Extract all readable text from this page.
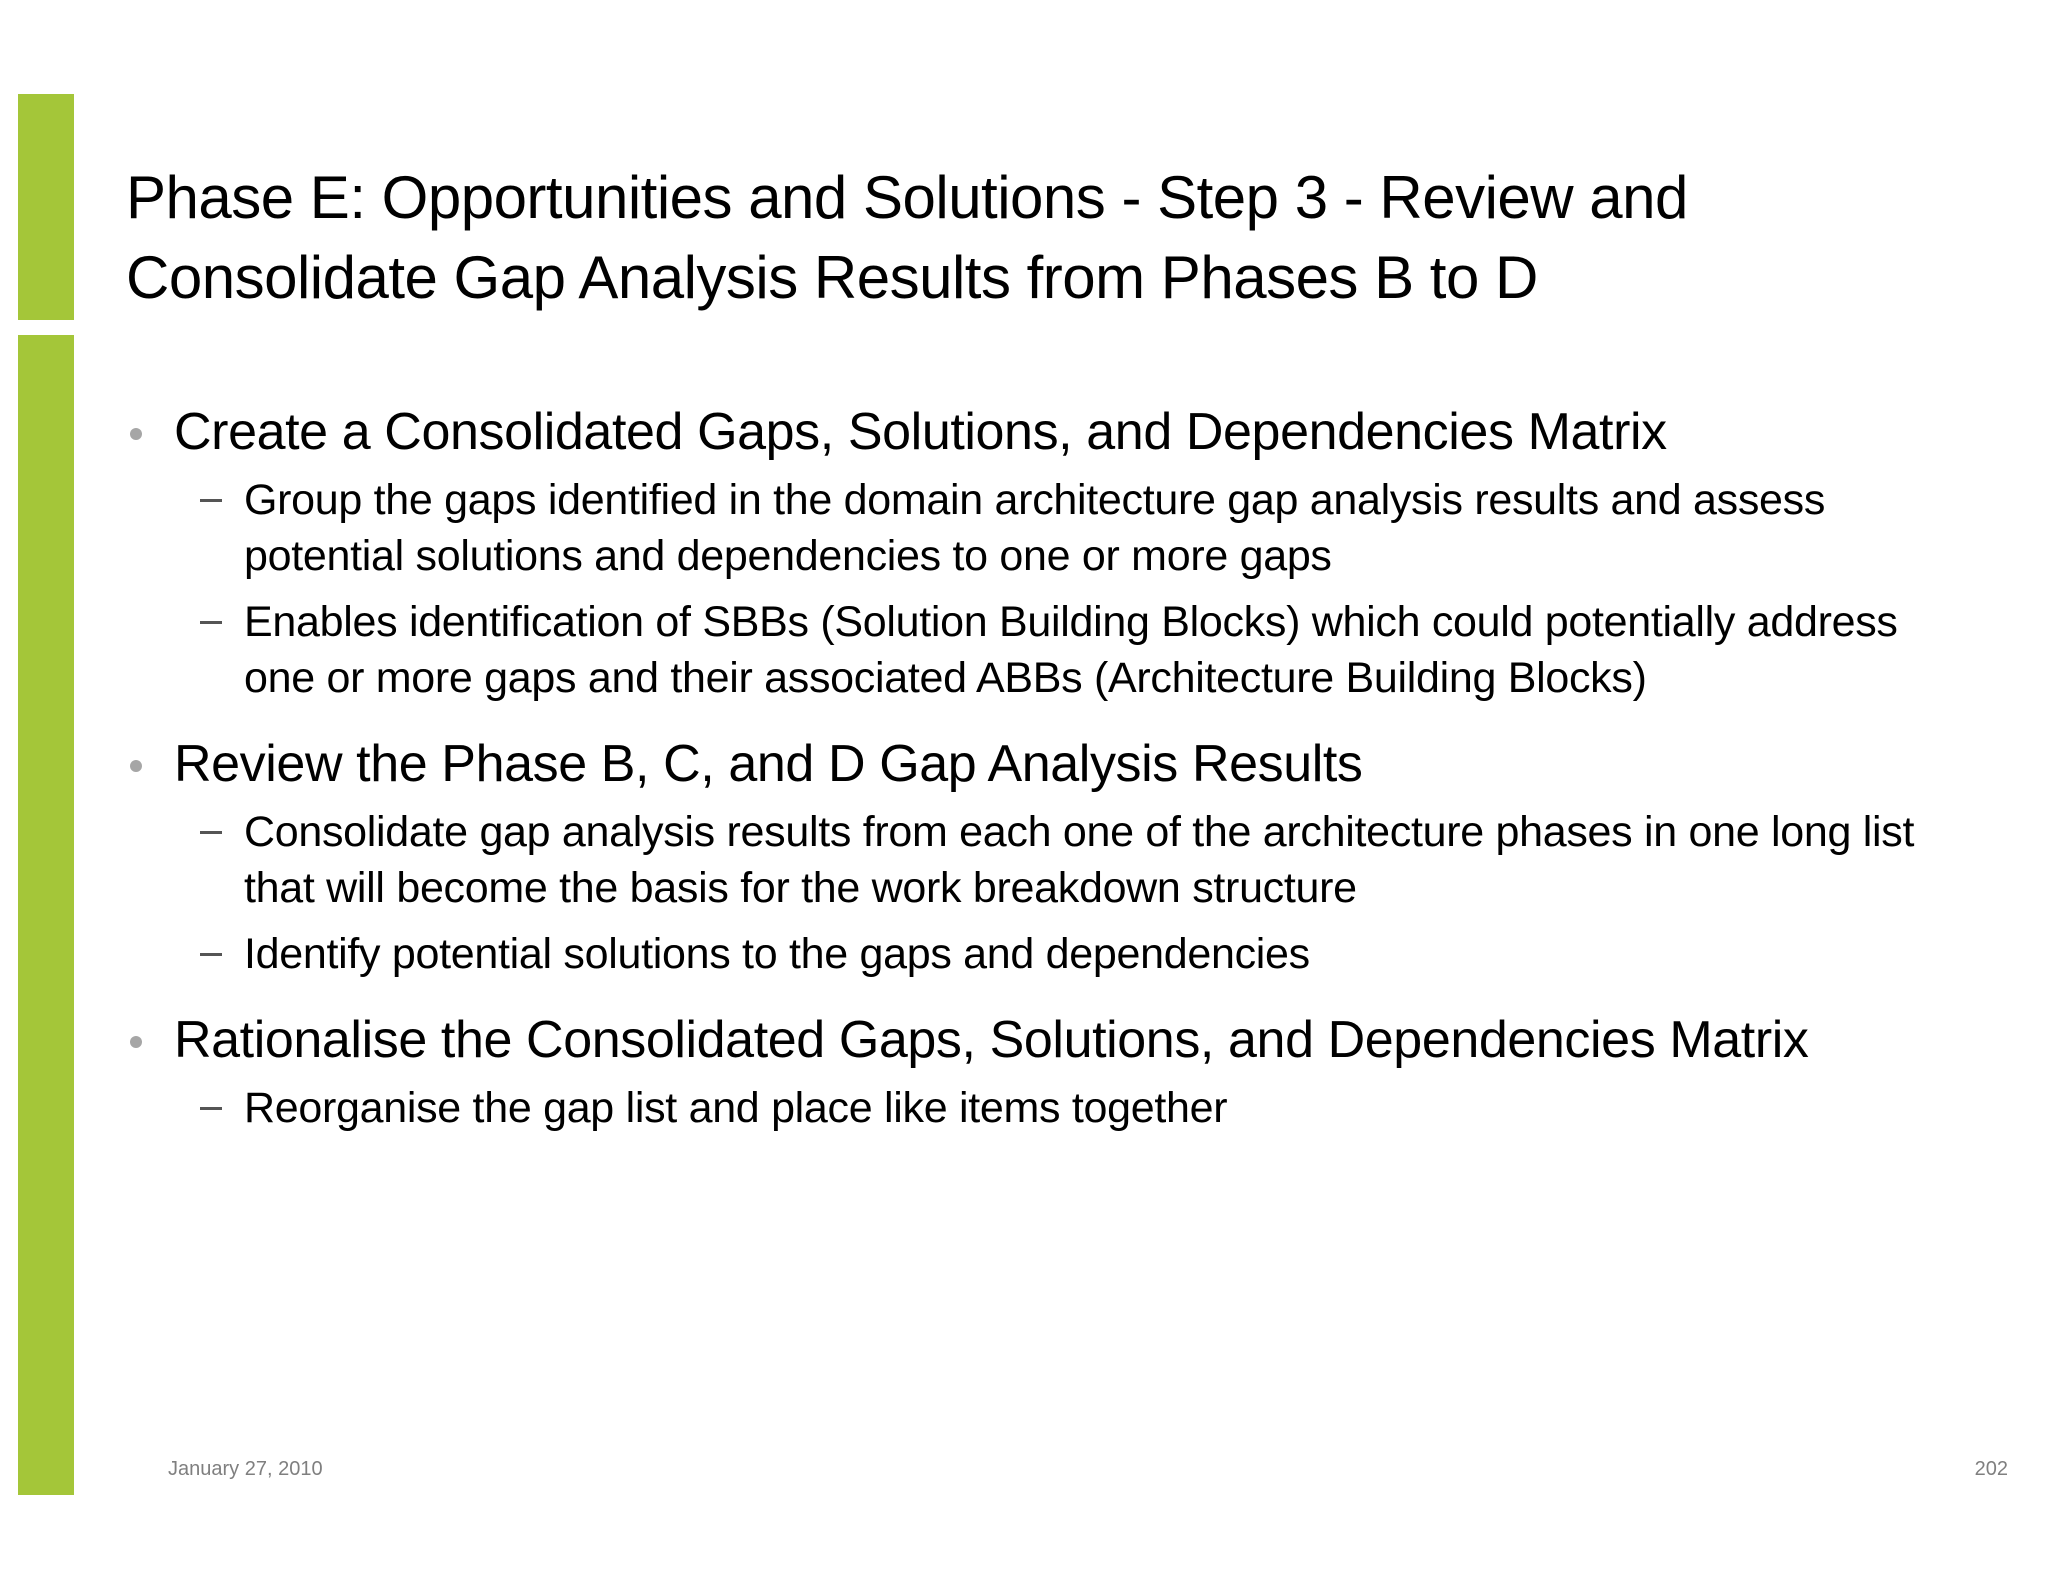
Phase E: Opportunities and Solutions - Step 3 - Review and Consolidate Gap Analysis Results from Phases B to D
Create a Consolidated Gaps, Solutions, and Dependencies Matrix
Group the gaps identified in the domain architecture gap analysis results and assess potential solutions and dependencies to one or more gaps
Enables identification of SBBs (Solution Building Blocks) which could potentially address one or more gaps and their associated ABBs (Architecture Building Blocks)
Review the Phase B, C, and D Gap Analysis Results
Consolidate gap analysis results from each one of the architecture phases in one long list that will become the basis for the work breakdown structure
Identify potential solutions to the gaps and dependencies
Rationalise the Consolidated Gaps, Solutions, and Dependencies Matrix
Reorganise the gap list and place like items together
January 27, 2010	202
